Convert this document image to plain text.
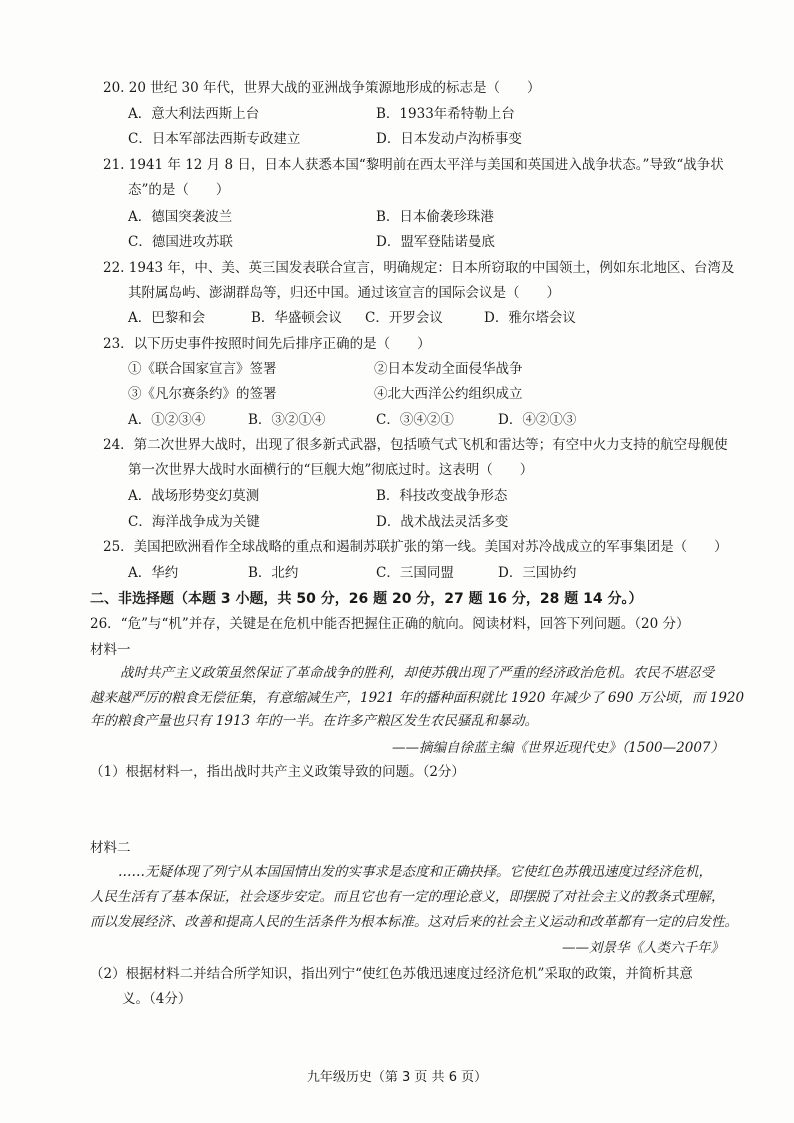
20. 20 世纪 30 年代，世界大战的亚洲战争策源地形成的标志是（　　）
A．意大利法西斯上台	B．1933年希特勒上台
C．日本军部法西斯专政建立	D．日本发动卢沟桥事变
21. 1941 年 12 月 8 日，日本人获悉本国“黎明前在西太平洋与美国和英国进入战争状态。”导致“战争状
态”的是（　　）
A．德国突袭波兰	B．日本偷袭珍珠港
C．德国进攻苏联	D．盟军登陆诺曼底
22. 1943 年，中、美、英三国发表联合宣言，明确规定：日本所窃取的中国领土，例如东北地区、台湾及
其附属岛屿、澎湖群岛等，归还中国。通过该宣言的国际会议是（　　）
A．巴黎和会	B．华盛顿会议 C．开罗会议	D．雅尔塔会议
23．以下历史事件按照时间先后排序正确的是（　　）
①《联合国家宣言》签署	②日本发动全面侵华战争
③《凡尔赛条约》的签署	④北大西洋公约组织成立
A．①②③④	B．③②①④	C．③④②①	D．④②①③
24．第二次世界大战时，出现了很多新式武器，包括喷气式飞机和雷达等；有空中火力支持的航空母舰使
第一次世界大战时水面横行的“巨舰大炮”彻底过时。这表明（　　）
A．战场形势变幻莫测	B．科技改变战争形态
C．海洋战争成为关键	D．战术战法灵活多变
25．美国把欧洲看作全球战略的重点和遏制苏联扩张的第一线。美国对苏冷战成立的军事集团是（　　）
A．华约	B．北约	C．三国同盟	D．三国协约
二、非选择题（本题 3 小题，共 50 分，26 题 20 分，27 题 16 分，28 题 14 分。）
26．“危”与“机”并存，关键是在危机中能否把握住正确的航向。阅读材料，回答下列问题。（20 分）
材料一
战时共产主义政策虽然保证了革命战争的胜利，却使苏俄出现了严重的经济政治危机。农民不堪忍受
越来越严厉的粮食无偿征集，有意缩减生产，1921 年的播种面积就比 1920 年减少了 690 万公顷，而 1920
年的粮食产量也只有 1913 年的一半。在许多产粮区发生农民骚乱和暴动。
——摘编自徐蓝主编《世界近现代史》（1500—2007）
（1）根据材料一，指出战时共产主义政策导致的问题。（2分）
材料二
……无疑体现了列宁从本国国情出发的实事求是态度和正确抉择。它使红色苏俄迅速度过经济危机，
人民生活有了基本保证，社会逐步安定。而且它也有一定的理论意义，即摆脱了对社会主义的教条式理解，
而以发展经济、改善和提高人民的生活条件为根本标准。这对后来的社会主义运动和改革都有一定的启发性。
——刘景华《人类六千年》
（2）根据材料二并结合所学知识，指出列宁“使红色苏俄迅速度过经济危机”采取的政策，并简析其意
义。（4分）
九年级历史（第 3 页 共 6 页）
